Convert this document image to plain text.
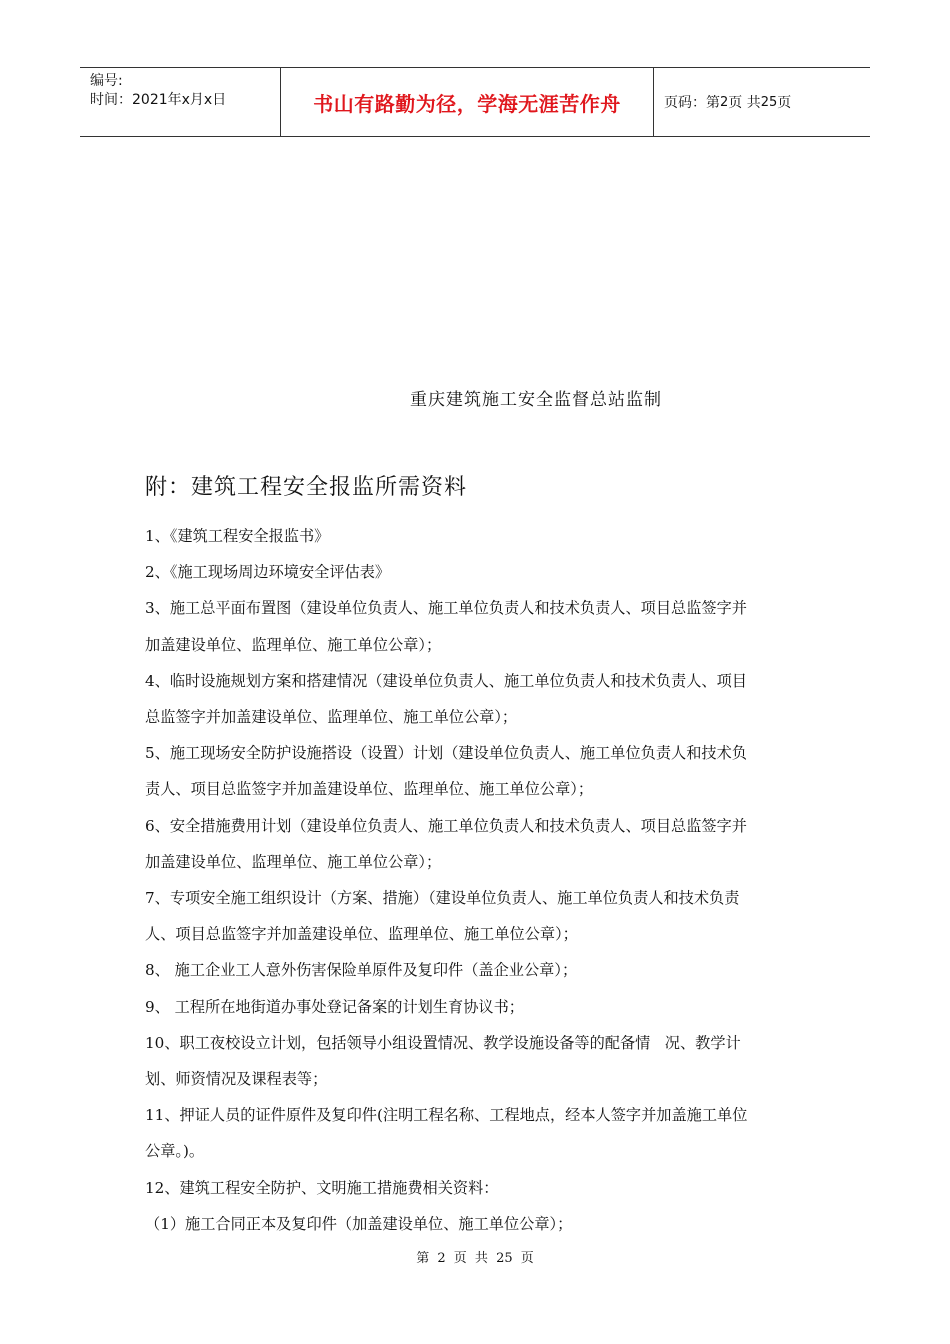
编号:
时间：2021年x月x日	书山有路勤为径，学海无涯苦作舟	页码：第 2 页 共 25 页
重庆建筑施工安全监督总站监制
附：建筑工程安全报监所需资料

1、《建筑工程安全报监书》

2、《施工现场周边环境安全评估表》

3、施工总平面布置图（建设单位负责人、施工单位负责人和技术负责人、项目总监签字并

加盖建设单位、监理单位、施工单位公章）；

4、临时设施规划方案和搭建情况（建设单位负责人、施工单位负责人和技术负责人、项目

总监签字并加盖建设单位、监理单位、施工单位公章）；

5、施工现场安全防护设施搭设（设置）计划（建设单位负责人、施工单位负责人和技术负

责人、项目总监签字并加盖建设单位、监理单位、施工单位公章）；

6、安全措施费用计划（建设单位负责人、施工单位负责人和技术负责人、项目总监签字并

加盖建设单位、监理单位、施工单位公章）；

7、专项安全施工组织设计（方案、措施）（建设单位负责人、施工单位负责人和技术负责

人、项目总监签字并加盖建设单位、监理单位、施工单位公章）；

8、 施工企业工人意外伤害保险单原件及复印件（盖企业公章）；

9、 工程所在地街道办事处登记备案的计划生育协议书；

10、职工夜校设立计划，包括领导小组设置情况、教学设施设备等的配备情   况、教学计

划、师资情况及课程表等；

11、押证人员的证件原件及复印件(注明工程名称、工程地点，经本人签字并加盖施工单位

公章。)。

12、建筑工程安全防护、文明施工措施费相关资料：

（1）施工合同正本及复印件（加盖建设单位、施工单位公章）；

第 2 页 共 25 页
